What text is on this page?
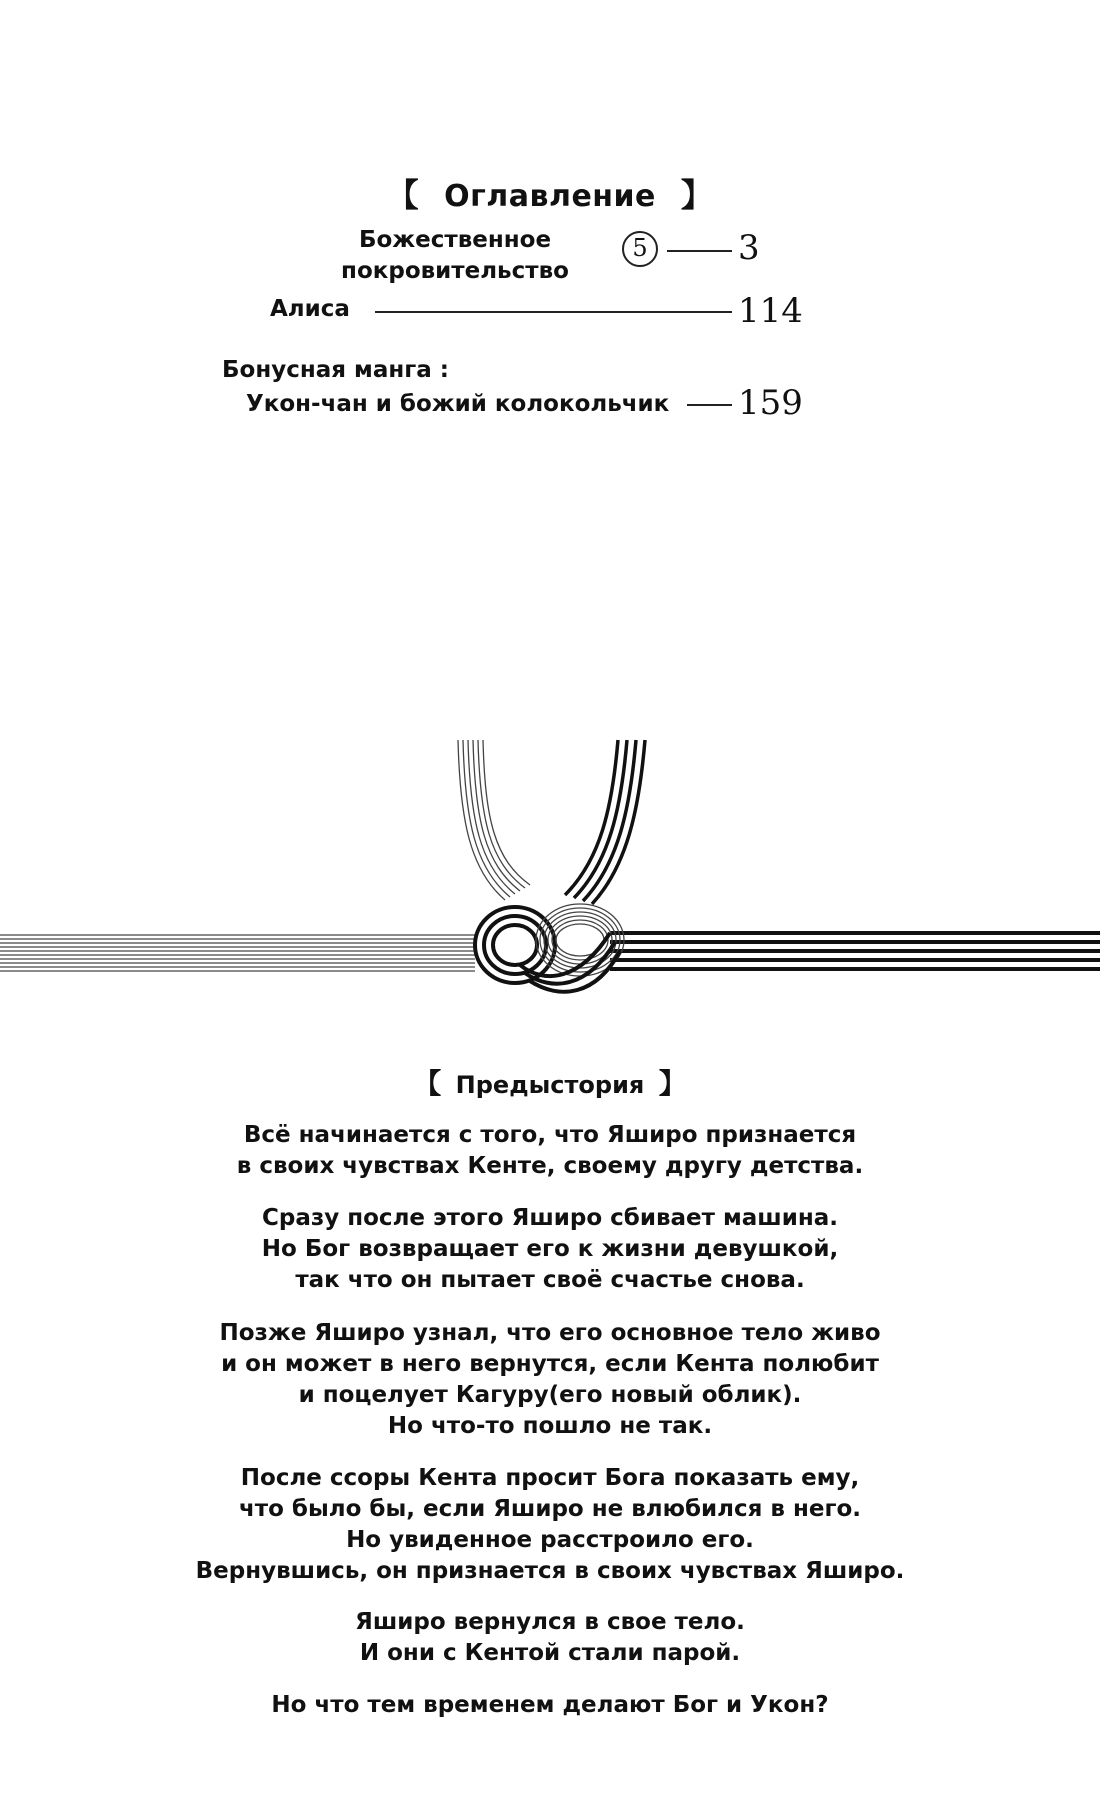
【 Оглавление 】
Божественное
покровительство
5	3
Алиса	114
Бонусная манга :
Укон-чан и божий колокольчик 159
【 Предыстория 】
Всё начинается с того, что Яширо признается
в своих чувствах Кенте, своему другу детства.
Сразу после этого Яширо сбивает машина.
Но Бог возвращает его к жизни девушкой,
так что он пытает своё счастье снова.
Позже Яширо узнал, что его основное тело живо
и он может в него вернутся, если Кента полюбит
и поцелует Кагуру(его новый облик).
Но что-то пошло не так.
После ссоры Кента просит Бога показать ему,
что было бы, если Яширо не влюбился в него.
Но увиденное расстроило его.
Вернувшись, он признается в своих чувствах Яширо.
Яширо вернулся в свое тело.
И они с Кентой стали парой.
Но что тем временем делают Бог и Укон?
